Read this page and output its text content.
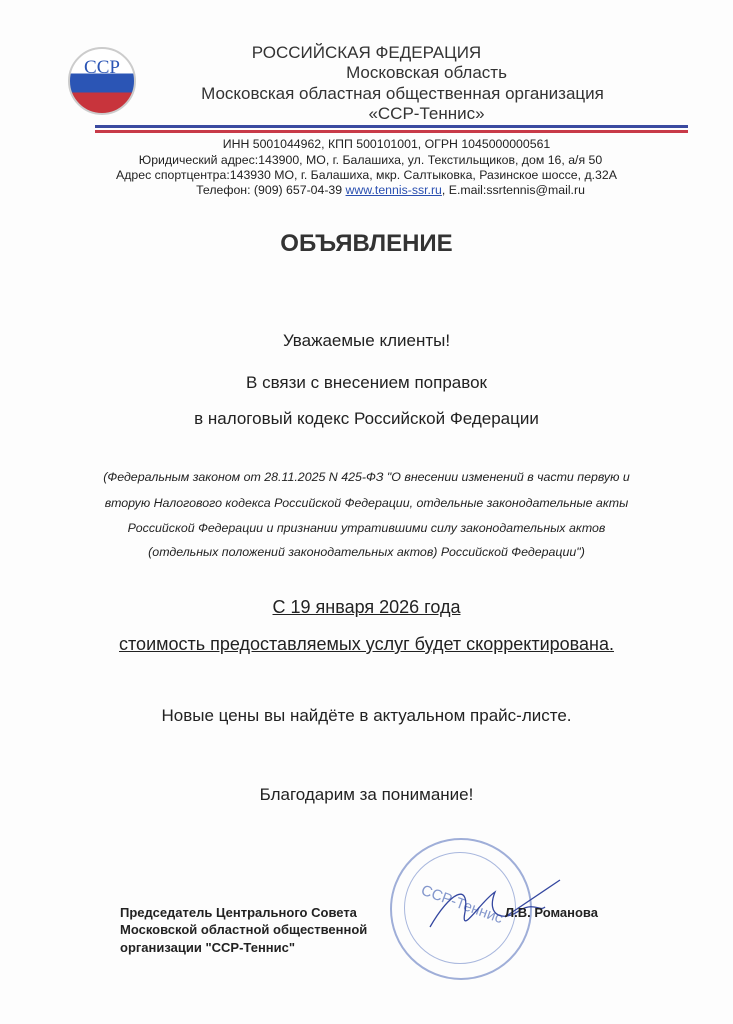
ССР
РОССИЙСКАЯ ФЕДЕРАЦИЯ
Московская область
Московская областная общественная организация
«ССР-Теннис»
ИНН 5001044962, КПП 500101001, ОГРН 1045000000561
Юридический адрес:143900, МО, г. Балашиха, ул. Текстильщиков, дом 16, а/я 50
Адрес спортцентра:143930 МО, г. Балашиха, мкр. Салтыковка, Разинское шоссе, д.32А
Телефон: (909) 657-04-39 www.tennis-ssr.ru, E.mail:ssrtennis@mail.ru
ОБЪЯВЛЕНИЕ
Уважаемые клиенты!
В связи с внесением поправок
в налоговый кодекс Российской Федерации
(Федеральным законом от 28.11.2025 N 425-ФЗ "О внесении изменений в части первую и
вторую Налогового кодекса Российской Федерации, отдельные законодательные акты
Российской Федерации и признании утратившими силу законодательных актов
(отдельных положений законодательных актов) Российской Федерации")
С 19 января 2026 года
стоимость предоставляемых услуг будет скорректирована.
Новые цены вы найдёте в актуальном прайс-листе.
Благодарим за понимание!
ССР-Теннис
Председатель Центрального Совета
Московской областной общественной
организации "ССР-Теннис"
Л.В. Романова
